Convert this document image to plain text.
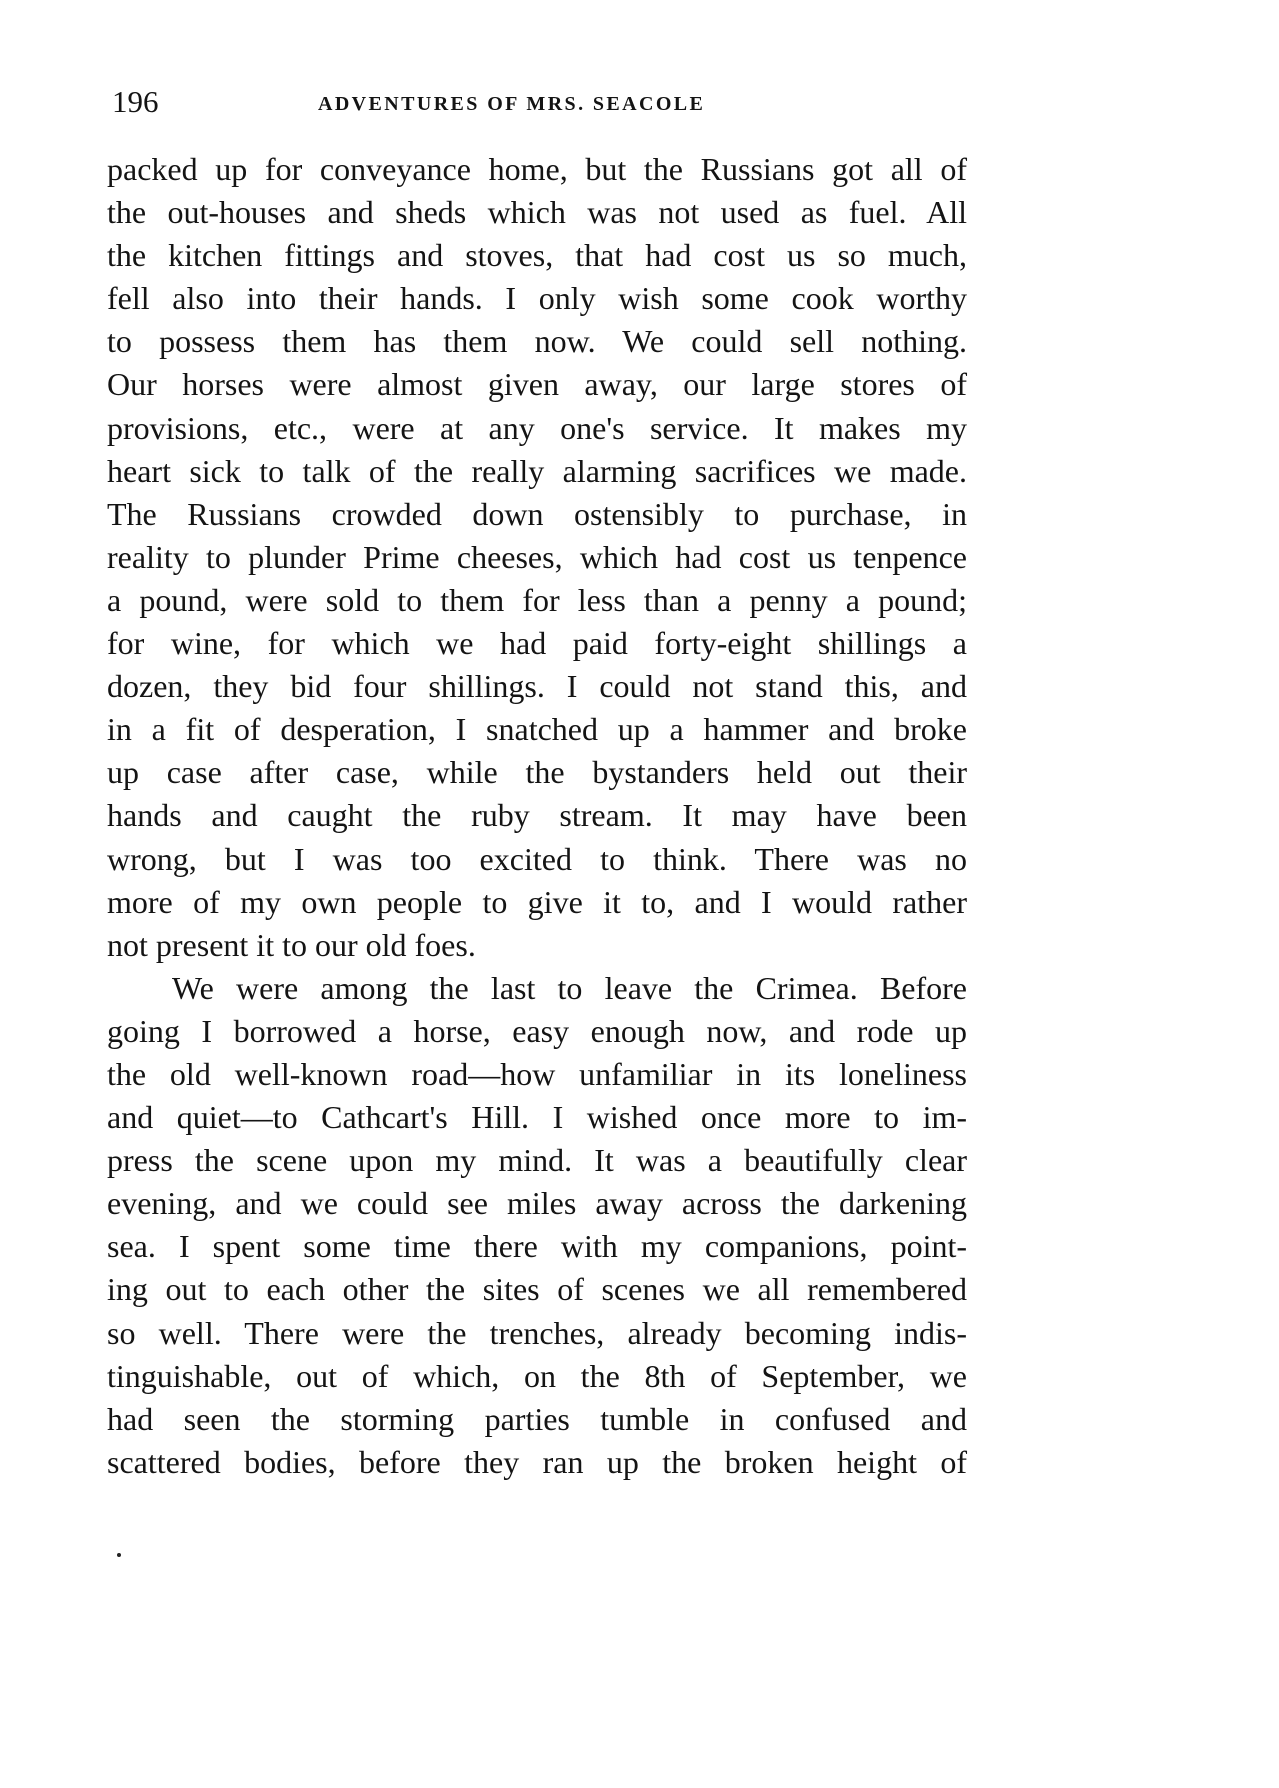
196	ADVENTURES OF MRS. SEACOLE
packed up for conveyance home, but the Russians got all of
the out-houses and sheds which was not used as fuel. All
the kitchen fittings and stoves, that had cost us so much,
fell also into their hands. I only wish some cook worthy
to possess them has them now. We could sell nothing.
Our horses were almost given away, our large stores of
provisions, etc., were at any one's service. It makes my
heart sick to talk of the really alarming sacrifices we made.
The Russians crowded down ostensibly to purchase, in
reality to plunder Prime cheeses, which had cost us tenpence
a pound, were sold to them for less than a penny a pound;
for wine, for which we had paid forty-eight shillings a
dozen, they bid four shillings. I could not stand this, and
in a fit of desperation, I snatched up a hammer and broke
up case after case, while the bystanders held out their
hands and caught the ruby stream. It may have been
wrong, but I was too excited to think. There was no
more of my own people to give it to, and I would rather
not present it to our old foes.
We were among the last to leave the Crimea. Before
going I borrowed a horse, easy enough now, and rode up
the old well-known road—how unfamiliar in its loneliness
and quiet—to Cathcart's Hill. I wished once more to im-
press the scene upon my mind. It was a beautifully clear
evening, and we could see miles away across the darkening
sea. I spent some time there with my companions, point-
ing out to each other the sites of scenes we all remembered
so well. There were the trenches, already becoming indis-
tinguishable, out of which, on the 8th of September, we
had seen the storming parties tumble in confused and
scattered bodies, before they ran up the broken height of
